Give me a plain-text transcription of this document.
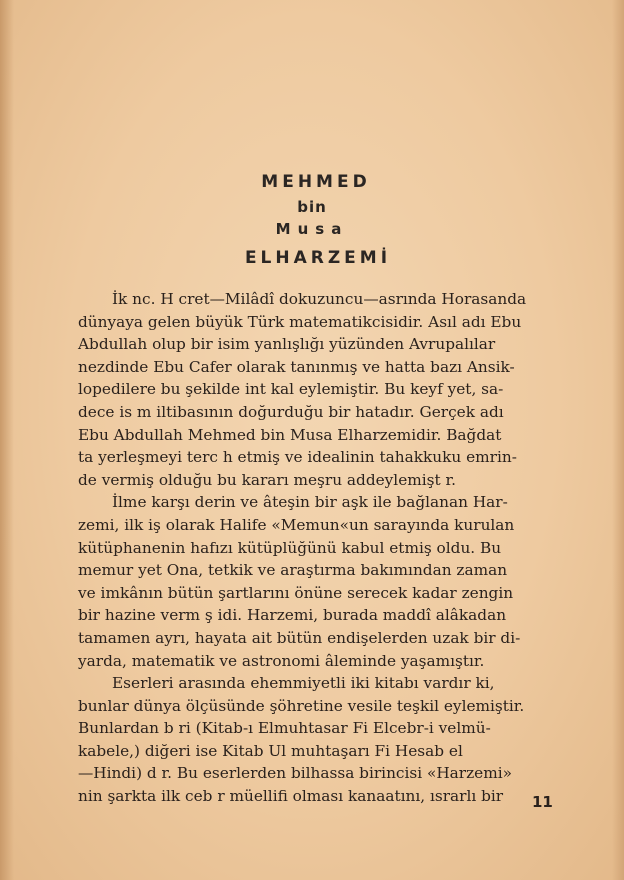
MEHMED
bin
Musa
ELHARZEMİ
İk nc. H cret—Milâdî dokuzuncu—asrında Horasanda
dünyaya gelen büyük Türk matematikcisidir. Asıl adı Ebu
Abdullah olup bir isim yanlışlığı yüzünden Avrupalılar
nezdinde Ebu Cafer olarak tanınmış ve hatta bazı Ansik-
lopedilere bu şekilde int kal eylemiştir. Bu keyf yet, sa-
dece is m iltibasının doğurduğu bir hatadır. Gerçek adı
Ebu Abdullah Mehmed bin Musa Elharzemidir. Bağdat
ta yerleşmeyi terc h etmiş ve idealinin tahakkuku emrin-
de vermiş olduğu bu kararı meşru addeylemişt r.
İlme karşı derin ve âteşin bir aşk ile bağlanan Har-
zemi, ilk iş olarak Halife «Memun«un sarayında kurulan
kütüphanenin hafızı kütüplüğünü kabul etmiş oldu. Bu
memur yet Ona, tetkik ve araştırma bakımından zaman
ve imkânın bütün şartlarını önüne serecek kadar zengin
bir hazine verm ş idi. Harzemi, burada maddî alâkadan
tamamen ayrı, hayata ait bütün endişelerden uzak bir di-
yarda, matematik ve astronomi âleminde yaşamıştır.
Eserleri arasında ehemmiyetli iki kitabı vardır ki,
bunlar dünya ölçüsünde şöhretine vesile teşkil eylemiştir.
Bunlardan b ri (Kitab-ı Elmuhtasar Fi Elcebr-i velmü-
kabele,) diğeri ise Kitab Ul muhtaşarı Fi Hesab el
—Hindi) d r. Bu eserlerden bilhassa birincisi «Harzemi»
nin şarkta ilk ceb r müellifi olması kanaatını, ısrarlı bir	11
